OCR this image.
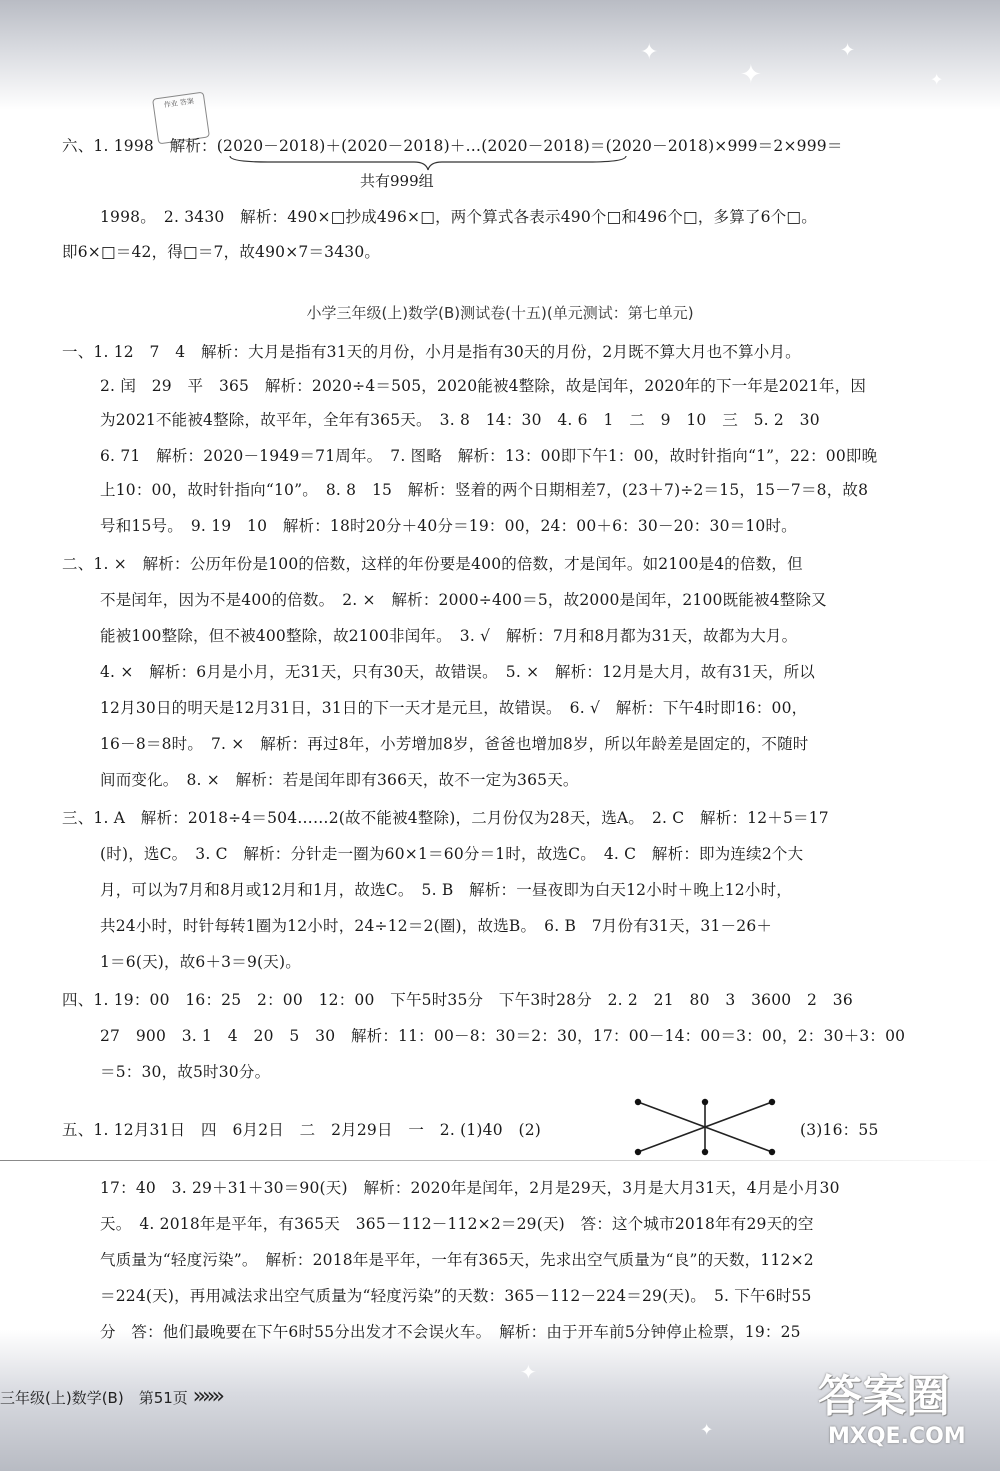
✦
✦
✦
✦
✦
✦
作业 答案
六、1. 1998　解析：(2020－2018)＋(2020－2018)＋…(2020－2018)＝(2020－2018)×999＝2×999＝
共有999组
1998。　2. 3430　解析：490×□抄成496×□，两个算式各表示490个□和496个□，多算了6个□。
即6×□＝42，得□＝7，故490×7＝3430。
小学三年级(上)数学(B)测试卷(十五)(单元测试：第七单元)
一、1. 12　7　4　解析：大月是指有31天的月份，小月是指有30天的月份，2月既不算大月也不算小月。
2. 闰　29　平　365　解析：2020÷4＝505，2020能被4整除，故是闰年，2020年的下一年是2021年，因
为2021不能被4整除，故平年，全年有365天。　3. 8　14：30　4. 6　1　二　9　10　三　5. 2　30
6. 71　解析：2020－1949＝71周年。　7. 图略　解析：13：00即下午1：00，故时针指向“1”，22：00即晚
上10：00，故时针指向“10”。　8. 8　15　解析：竖着的两个日期相差7，(23＋7)÷2＝15，15－7＝8，故8
号和15号。　9. 19　10　解析：18时20分＋40分＝19：00，24：00＋6：30－20：30＝10时。
二、1. ×　解析：公历年份是100的倍数，这样的年份要是400的倍数，才是闰年。如2100是4的倍数，但
不是闰年，因为不是400的倍数。　2. ×　解析：2000÷400＝5，故2000是闰年，2100既能被4整除又
能被100整除，但不被400整除，故2100非闰年。　3. √　解析：7月和8月都为31天，故都为大月。
4. ×　解析：6月是小月，无31天，只有30天，故错误。　5. ×　解析：12月是大月，故有31天，所以
12月30日的明天是12月31日，31日的下一天才是元旦，故错误。　6. √　解析：下午4时即16：00，
16－8＝8时。　7. ×　解析：再过8年，小芳增加8岁，爸爸也增加8岁，所以年龄差是固定的，不随时
间而变化。　8. ×　解析：若是闰年即有366天，故不一定为365天。
三、1. A　解析：2018÷4＝504……2(故不能被4整除)，二月份仅为28天，选A。　2. C　解析：12＋5＝17
(时)，选C。　3. C　解析：分针走一圈为60×1＝60分＝1时，故选C。　4. C　解析：即为连续2个大
月，可以为7月和8月或12月和1月，故选C。　5. B　解析：一昼夜即为白天12小时＋晚上12小时，
共24小时，时针每转1圈为12小时，24÷12＝2(圈)，故选B。　6. B　7月份有31天，31－26＋
1＝6(天)，故6＋3＝9(天)。
四、1. 19：00　16：25　2：00　12：00　下午5时35分　下午3时28分　2. 2　21　80　3　3600　2　36
27　900　3. 1　4　20　5　30　解析：11：00－8：30＝2：30，17：00－14：00＝3：00，2：30＋3：00
＝5：30，故5时30分。
五、1. 12月31日　四　6月2日　二　2月29日　一　2. (1)40　(2)	(3)16：55
17：40　3. 29＋31＋30＝90(天)　解析：2020年是闰年，2月是29天，3月是大月31天，4月是小月30
天。　4. 2018年是平年，有365天　365－112－112×2＝29(天)　答：这个城市2018年有29天的空
气质量为“轻度污染”。　解析：2018年是平年，一年有365天，先求出空气质量为“良”的天数，112×2
＝224(天)，再用减法求出空气质量为“轻度污染”的天数：365－112－224＝29(天)。　5. 下午6时55
分　答：他们最晚要在下午6时55分出发才不会误火车。　解析：由于开车前5分钟停止检票，19：25
三年级(上)数学(B)　第51页 »»»	答案圈
MXQE.COM
